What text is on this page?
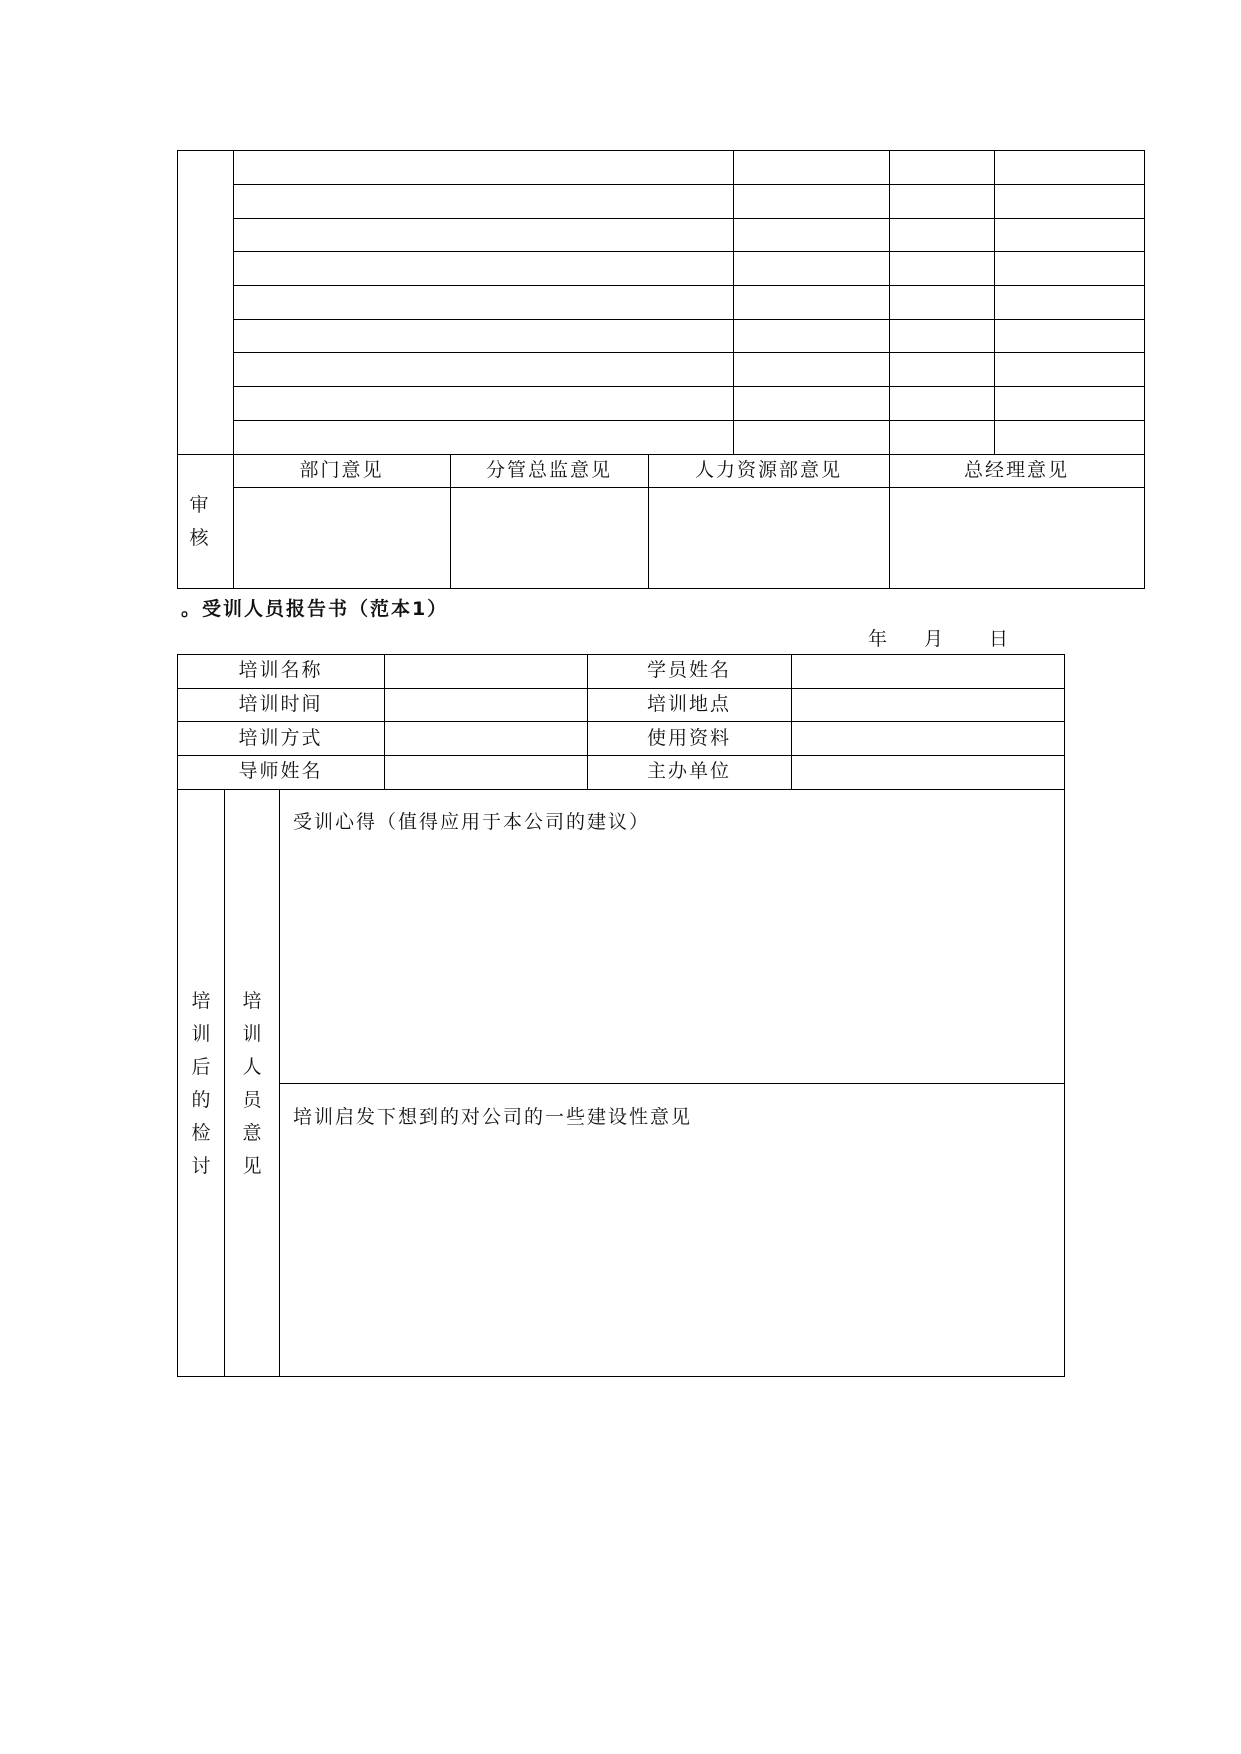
审
核
部门意见	分管总监意见	人力资源部意见	总经理意见
。受训人员报告书（范本1）
年 月 日
培训名称	学员姓名
培训时间	培训地点
培训方式	使用资料
导师姓名	主办单位
培
训
后
的
检
讨
培
训
人
员
意
见
受训心得（值得应用于本公司的建议）
培训启发下想到的对公司的一些建设性意见
